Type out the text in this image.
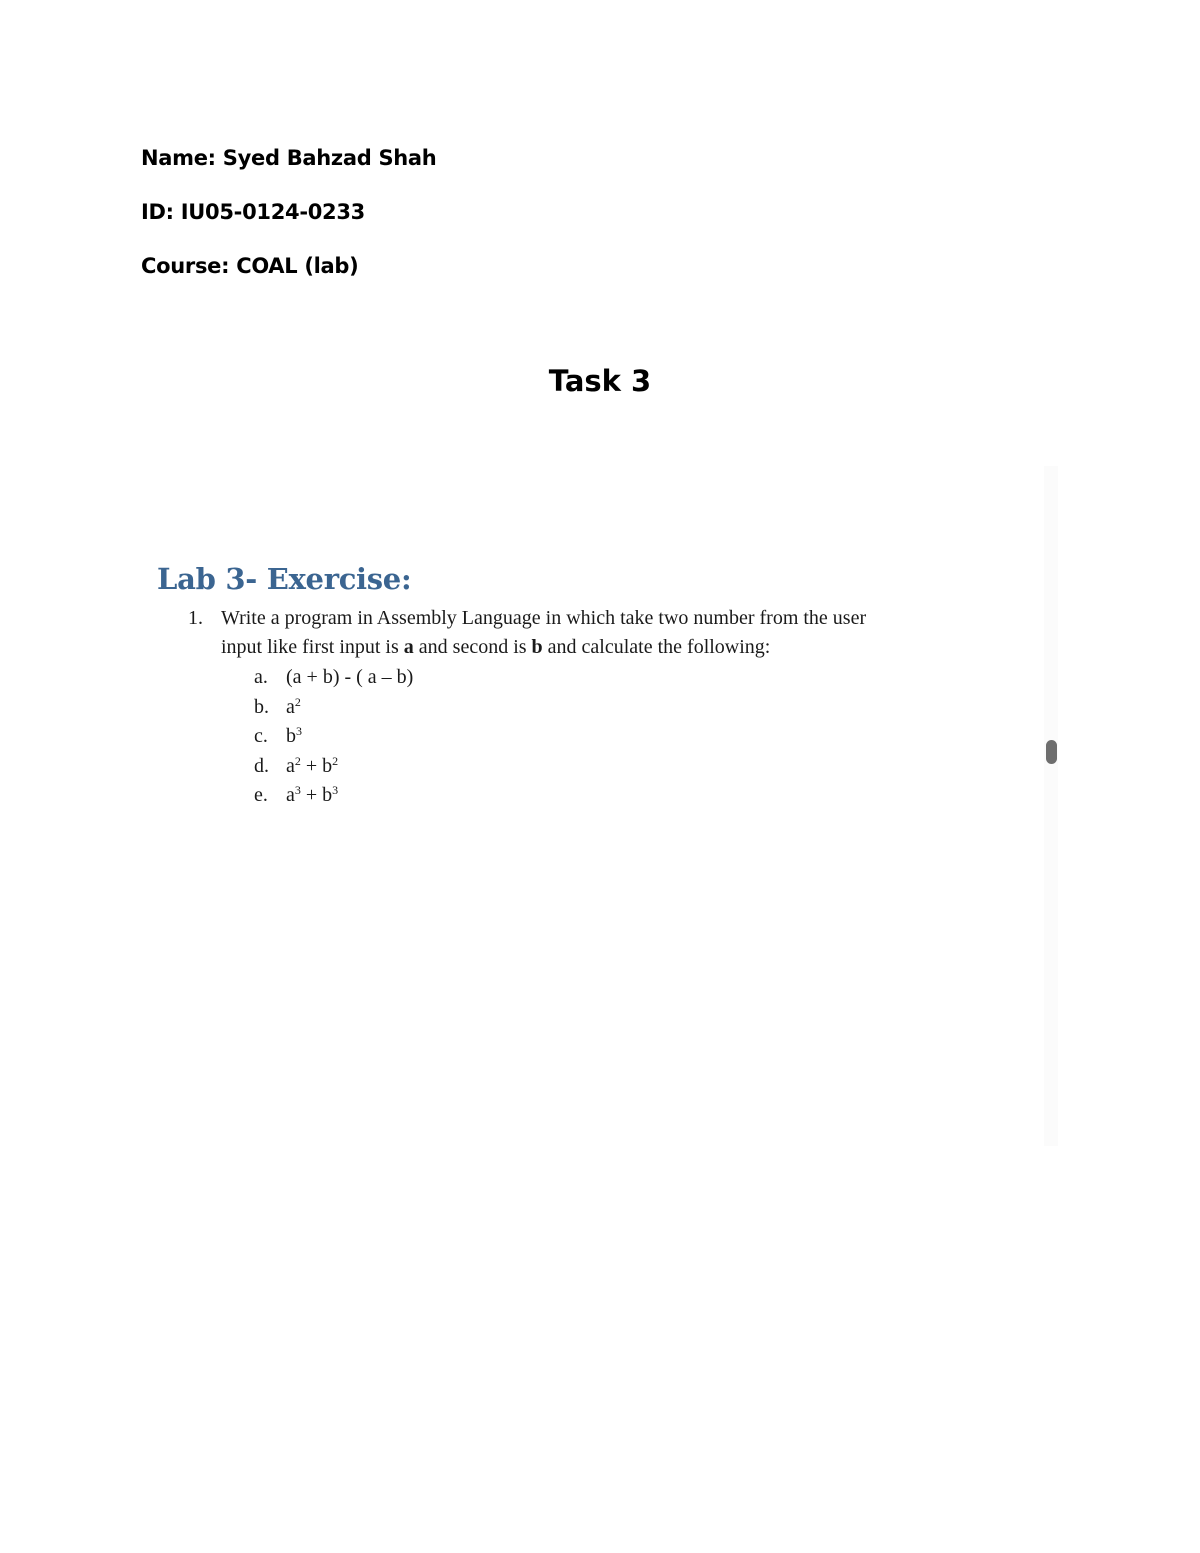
Name: Syed Bahzad Shah

ID: IU05-0124-0233

Course: COAL (lab)

Task 3
Lab 3- Exercise:
1. Write a program in Assembly Language in which take two number from the user
input like first input is a and second is b and calculate the following:
a. (a + b) - ( a – b)
b. $a^2$
c. $b^3$
d. $a^2 + b^2$
e. $a^3 + b^3$
